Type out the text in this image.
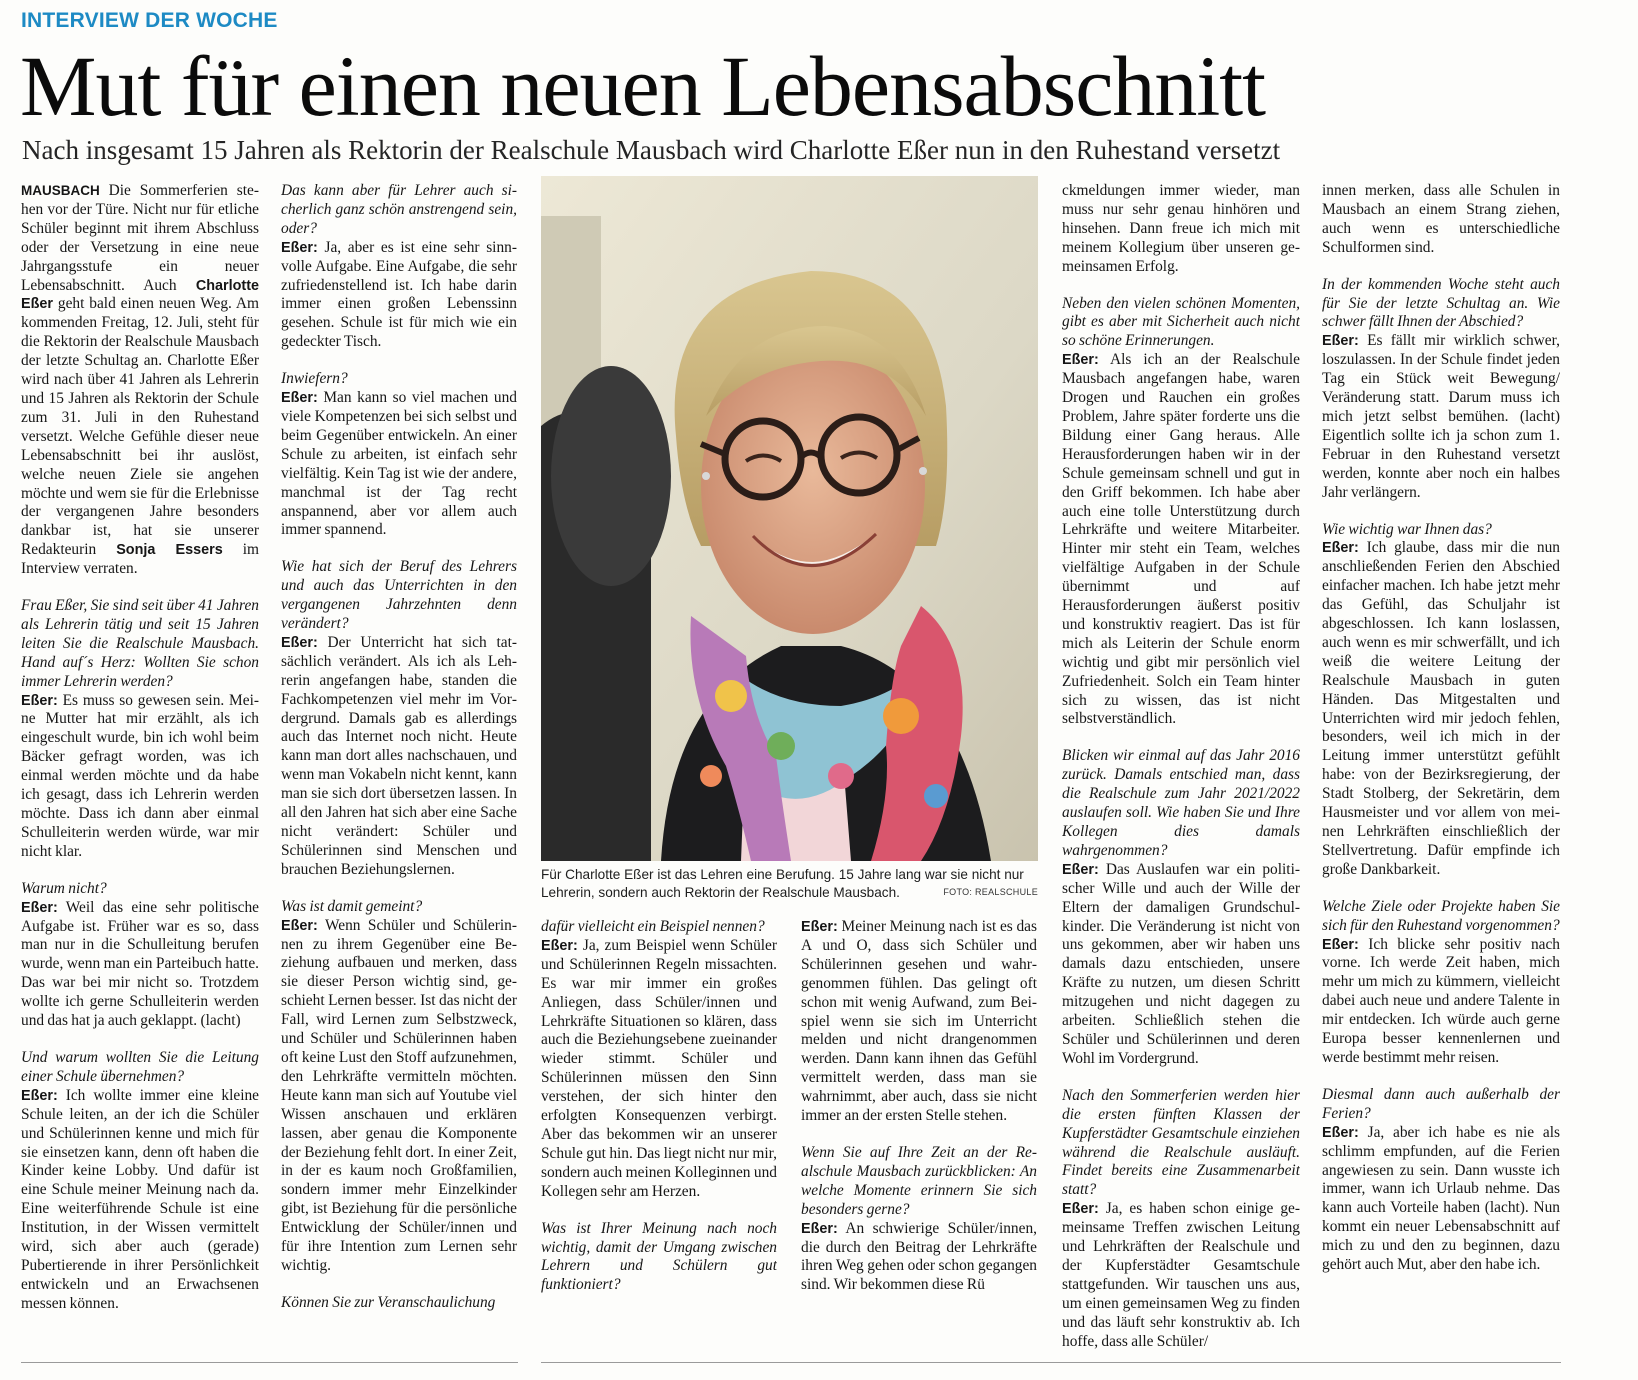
INTERVIEW DER WOCHE
Mut für einen neuen Lebensabschnitt
Nach insgesamt 15 Jahren als Rektorin der Realschule Mausbach wird Charlotte Eßer nun in den Ruhestand versetzt

MAUSBACH Die Sommerferien stehen vor der Türe. Nicht nur für etliche Schüler beginnt mit ihrem Abschluss oder der Versetzung in eine neue Jahrgangsstufe ein neuer Lebensabschnitt. Auch Charlotte Eßer geht bald einen neuen Weg. Am kommenden Freitag, 12. Juli, steht für die Rektorin der Realschule Mausbach der letzte Schultag an. Charlotte Eßer wird nach über 41 Jahren als Lehrerin und 15 Jahren als Rektorin der Schule zum 31. Juli in den Ruhestand versetzt. Welche Gefühle dieser neue Lebensabschnitt bei ihr auslöst, welche neuen Ziele sie angehen möchte und wem sie für die Erlebnisse der vergangenen Jahre besonders dankbar ist, hat sie unserer Redakteurin Sonja Essers im Interview verraten.

Frau Eßer, Sie sind seit über 41 Jahren als Lehrerin tätig und seit 15 Jahren leiten Sie die Realschule Mausbach. Hand auf´s Herz: Wollten Sie schon immer Lehrerin werden?

Eßer: Es muss so gewesen sein. Meine Mutter hat mir erzählt, als ich eingeschult wurde, bin ich wohl beim Bäcker gefragt worden, was ich einmal werden möchte und da habe ich gesagt, dass ich Lehrerin werden möchte. Dass ich dann aber einmal Schulleiterin werden würde, war mir nicht klar.

Warum nicht?

Eßer: Weil das eine sehr politische Aufgabe ist. Früher war es so, dass man nur in die Schulleitung berufen wurde, wenn man ein Parteibuch hatte. Das war bei mir nicht so. Trotzdem wollte ich gerne Schulleiterin werden und das hat ja auch geklappt. (lacht)

Und warum wollten Sie die Leitung einer Schule übernehmen?

Eßer: Ich wollte immer eine kleine Schule leiten, an der ich die Schüler und Schülerinnen kenne und mich für sie einsetzen kann, denn oft haben die Kinder keine Lobby. Und dafür ist eine Schule meiner Meinung nach da. Eine weiterführende Schule ist eine Institution, in der Wissen vermittelt wird, sich aber auch (gerade) Pubertierende in ihrer Persönlichkeit entwickeln und an Erwachsenen messen können.

Das kann aber für Lehrer auch sicherlich ganz schön anstrengend sein, oder?

Eßer: Ja, aber es ist eine sehr sinnvolle Aufgabe. Eine Aufgabe, die sehr zufriedenstellend ist. Ich habe darin immer einen großen Lebenssinn gesehen. Schule ist für mich wie ein gedeckter Tisch.

Inwiefern?

Eßer: Man kann so viel machen und viele Kompetenzen bei sich selbst und beim Gegenüber entwickeln. An einer Schule zu arbeiten, ist einfach sehr vielfältig. Kein Tag ist wie der andere, manchmal ist der Tag recht anspannend, aber vor allem auch immer spannend.

Wie hat sich der Beruf des Lehrers und auch das Unterrichten in den vergangenen Jahrzehnten denn verändert?

Eßer: Der Unterricht hat sich tatsächlich verändert. Als ich als Lehrerin angefangen habe, standen die Fachkompetenzen viel mehr im Vordergrund. Damals gab es allerdings auch das Internet noch nicht. Heute kann man dort alles nachschauen, und wenn man Vokabeln nicht kennt, kann man sie sich dort übersetzen lassen. In all den Jahren hat sich aber eine Sache nicht verändert: Schüler und Schülerinnen sind Menschen und brauchen Beziehungslernen.

Was ist damit gemeint?

Eßer: Wenn Schüler und Schülerinnen zu ihrem Gegenüber eine Beziehung aufbauen und merken, dass sie dieser Person wichtig sind, geschieht Lernen besser. Ist das nicht der Fall, wird Lernen zum Selbstzweck, und Schüler und Schülerinnen haben oft keine Lust den Stoff aufzunehmen, den Lehrkräfte vermitteln möchten. Heute kann man sich auf Youtube viel Wissen anschauen und erklären lassen, aber genau die Komponente der Beziehung fehlt dort. In einer Zeit, in der es kaum noch Großfamilien, sondern immer mehr Einzelkinder gibt, ist Beziehung für die persönliche Entwicklung der Schüler/innen und für ihre Intention zum Lernen sehr wichtig.

Können Sie zur Veranschaulichung

Für Charlotte Eßer ist das Lehren eine Berufung. 15 Jahre lang war sie nicht nur Lehrerin, sondern auch Rektorin der Realschule Mausbach.	FOTO: REALSCHULE

dafür vielleicht ein Beispiel nennen?

Eßer: Ja, zum Beispiel wenn Schüler und Schülerinnen Regeln missachten. Es war mir immer ein großes Anliegen, dass Schüler/innen und Lehrkräfte Situationen so klären, dass auch die Beziehungsebene zueinander wieder stimmt. Schüler und Schülerinnen müssen den Sinn verstehen, der sich hinter den erfolgten Konsequenzen verbirgt. Aber das bekommen wir an unserer Schule gut hin. Das liegt nicht nur mir, sondern auch meinen Kolleginnen und Kollegen sehr am Herzen.

Was ist Ihrer Meinung nach noch wichtig, damit der Umgang zwischen Lehrern und Schülern gut funktioniert?

Eßer: Meiner Meinung nach ist es das A und O, dass sich Schüler und Schülerinnen gesehen und wahrgenommen fühlen. Das gelingt oft schon mit wenig Aufwand, zum Beispiel wenn sie sich im Unterricht melden und nicht drangenommen werden. Dann kann ihnen das Gefühl vermittelt werden, dass man sie wahrnimmt, aber auch, dass sie nicht immer an der ersten Stelle stehen.

Wenn Sie auf Ihre Zeit an der Realschule Mausbach zurückblicken: An welche Momente erinnern Sie sich besonders gerne?

Eßer: An schwierige Schüler/innen, die durch den Beitrag der Lehrkräfte ihren Weg gehen oder schon gegangen sind. Wir bekommen diese Rü

ckmeldungen immer wieder, man muss nur sehr genau hinhören und hinsehen. Dann freue ich mich mit meinem Kollegium über unseren gemeinsamen Erfolg.

Neben den vielen schönen Momenten, gibt es aber mit Sicherheit auch nicht so schöne Erinnerungen.

Eßer: Als ich an der Realschule Mausbach angefangen habe, waren Drogen und Rauchen ein großes Problem, Jahre später forderte uns die Bildung einer Gang heraus. Alle Herausforderungen haben wir in der Schule gemeinsam schnell und gut in den Griff bekommen. Ich habe aber auch eine tolle Unterstützung durch Lehrkräfte und weitere Mitarbeiter. Hinter mir steht ein Team, welches vielfältige Aufgaben in der Schule übernimmt und auf Herausforderungen äußerst positiv und konstruktiv reagiert. Das ist für mich als Leiterin der Schule enorm wichtig und gibt mir persönlich viel Zufriedenheit. Solch ein Team hinter sich zu wissen, das ist nicht selbstverständlich.

Blicken wir einmal auf das Jahr 2016 zurück. Damals entschied man, dass die Realschule zum Jahr 2021/2022 auslaufen soll. Wie haben Sie und Ihre Kollegen dies damals wahrgenommen?

Eßer: Das Auslaufen war ein politischer Wille und auch der Wille der Eltern der damaligen Grundschulkinder. Die Veränderung ist nicht von uns gekommen, aber wir haben uns damals dazu entschieden, unsere Kräfte zu nutzen, um diesen Schritt mitzugehen und nicht dagegen zu arbeiten. Schließlich stehen die Schüler und Schülerinnen und deren Wohl im Vordergrund.

Nach den Sommerferien werden hier die ersten fünften Klassen der Kupferstädter Gesamtschule einziehen während die Realschule ausläuft. Findet bereits eine Zusammenarbeit statt?

Eßer: Ja, es haben schon einige gemeinsame Treffen zwischen Leitung und Lehrkräften der Realschule und der Kupferstädter Gesamtschule stattgefunden. Wir tauschen uns aus, um einen gemeinsamen Weg zu finden und das läuft sehr konstruktiv ab. Ich hoffe, dass alle Schüler/

innen merken, dass alle Schulen in Mausbach an einem Strang ziehen, auch wenn es unterschiedliche Schulformen sind.

In der kommenden Woche steht auch für Sie der letzte Schultag an. Wie schwer fällt Ihnen der Abschied?

Eßer: Es fällt mir wirklich schwer, loszulassen. In der Schule findet jeden Tag ein Stück weit Bewegung/ Veränderung statt. Darum muss ich mich jetzt selbst bemühen. (lacht) Eigentlich sollte ich ja schon zum 1. Februar in den Ruhestand versetzt werden, konnte aber noch ein halbes Jahr verlängern.

Wie wichtig war Ihnen das?

Eßer: Ich glaube, dass mir die nun anschließenden Ferien den Abschied einfacher machen. Ich habe jetzt mehr das Gefühl, das Schuljahr ist abgeschlossen. Ich kann loslassen, auch wenn es mir schwerfällt, und ich weiß die weitere Leitung der Realschule Mausbach in guten Händen. Das Mitgestalten und Unterrichten wird mir jedoch fehlen, besonders, weil ich mich in der Leitung immer unterstützt gefühlt habe: von der Bezirksregierung, der Stadt Stolberg, der Sekretärin, dem Hausmeister und vor allem von meinen Lehrkräften einschließlich der Stellvertretung. Dafür empfinde ich große Dankbarkeit.

Welche Ziele oder Projekte haben Sie sich für den Ruhestand vorgenommen?

Eßer: Ich blicke sehr positiv nach vorne. Ich werde Zeit haben, mich mehr um mich zu kümmern, vielleicht dabei auch neue und andere Talente in mir entdecken. Ich würde auch gerne Europa besser kennenlernen und werde bestimmt mehr reisen.

Diesmal dann auch außerhalb der Ferien?

Eßer: Ja, aber ich habe es nie als schlimm empfunden, auf die Ferien angewiesen zu sein. Dann wusste ich immer, wann ich Urlaub nehme. Das kann auch Vorteile haben (lacht). Nun kommt ein neuer Lebensabschnitt auf mich zu und den zu beginnen, dazu gehört auch Mut, aber den habe ich.
